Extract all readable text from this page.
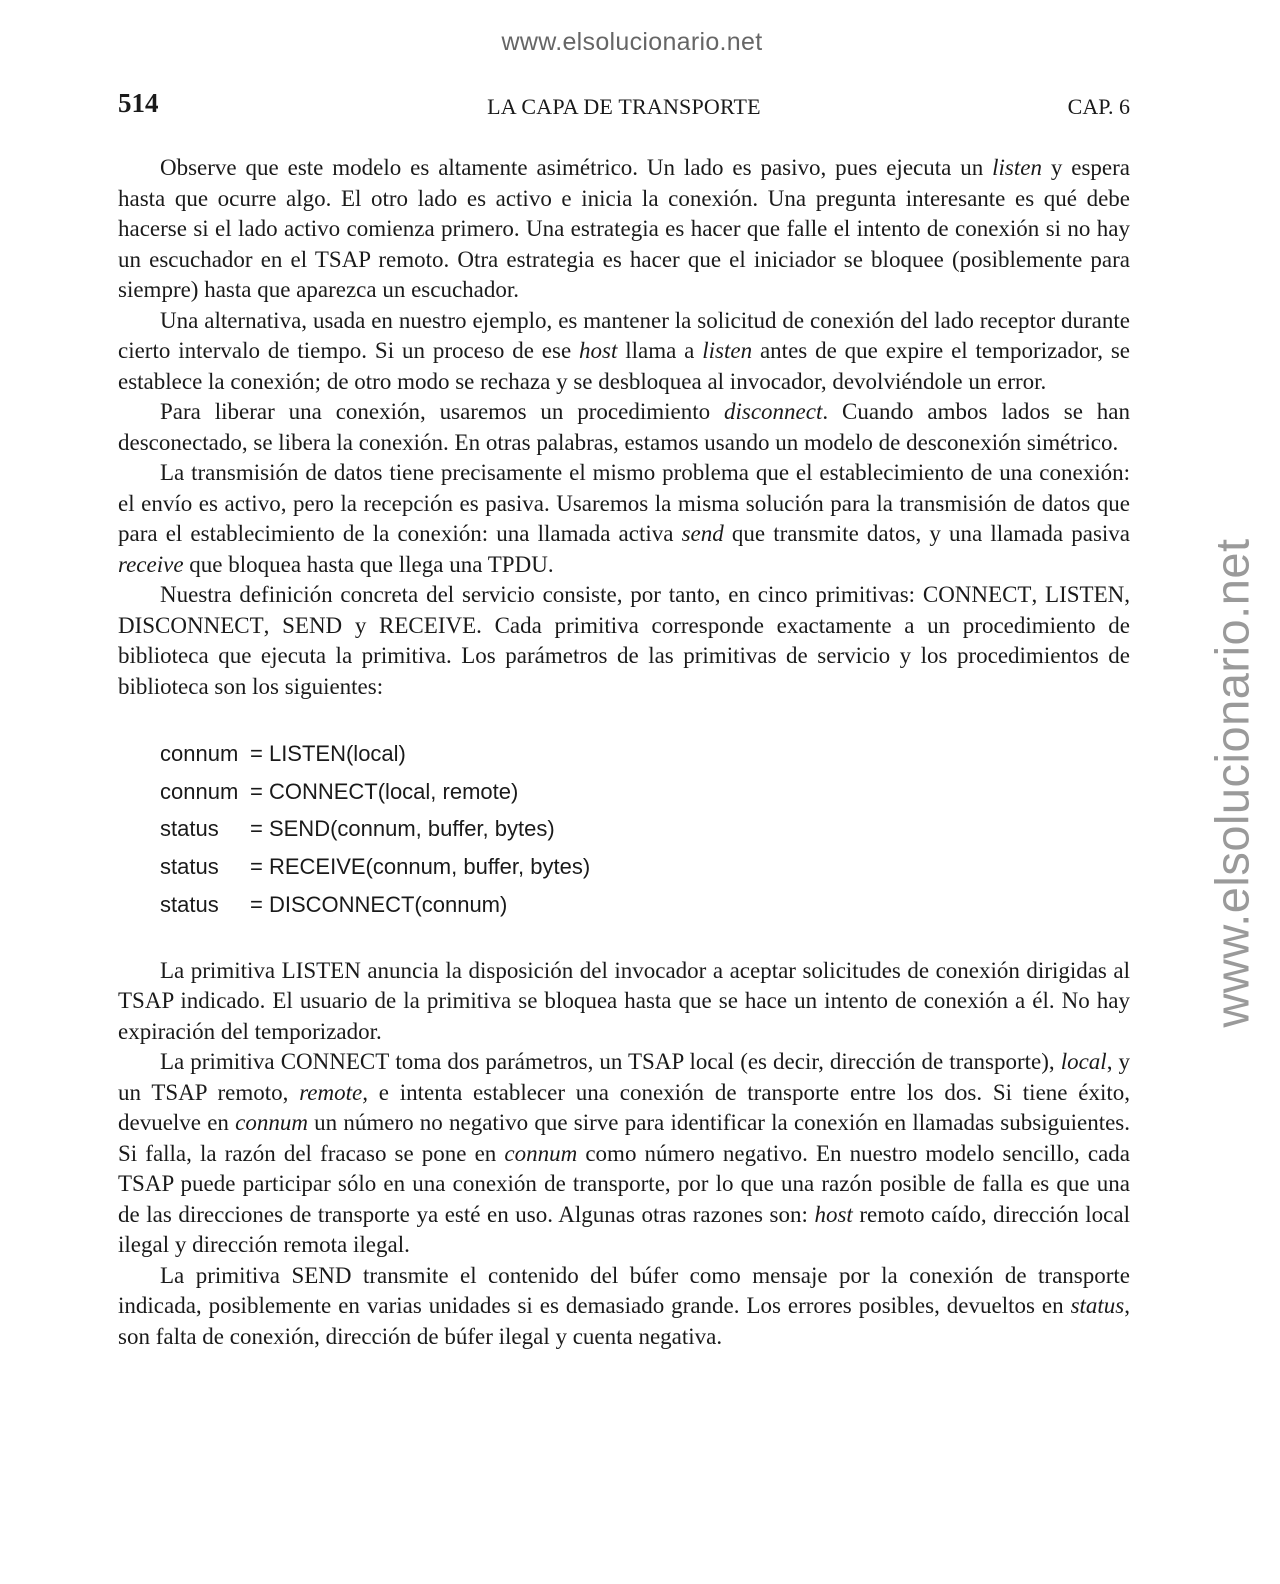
www.elsolucionario.net
www.elsolucionario.net
514	LA CAPA DE TRANSPORTE	CAP. 6

Observe que este modelo es altamente asimétrico. Un lado es pasivo, pues ejecuta un listen y espera hasta que ocurre algo. El otro lado es activo e inicia la conexión. Una pregunta interesante es qué debe hacerse si el lado activo comienza primero. Una estrategia es hacer que falle el intento de conexión si no hay un escuchador en el TSAP remoto. Otra estrategia es hacer que el iniciador se bloquee (posiblemente para siempre) hasta que aparezca un escuchador.

Una alternativa, usada en nuestro ejemplo, es mantener la solicitud de conexión del lado receptor durante cierto intervalo de tiempo. Si un proceso de ese host llama a listen antes de que expire el temporizador, se establece la conexión; de otro modo se rechaza y se desbloquea al invocador, devolviéndole un error.

Para liberar una conexión, usaremos un procedimiento disconnect. Cuando ambos lados se han desconectado, se libera la conexión. En otras palabras, estamos usando un modelo de desconexión simétrico.

La transmisión de datos tiene precisamente el mismo problema que el establecimiento de una conexión: el envío es activo, pero la recepción es pasiva. Usaremos la misma solución para la transmisión de datos que para el establecimiento de la conexión: una llamada activa send que transmite datos, y una llamada pasiva receive que bloquea hasta que llega una TPDU.

Nuestra definición concreta del servicio consiste, por tanto, en cinco primitivas: CONNECT, LISTEN, DISCONNECT, SEND y RECEIVE. Cada primitiva corresponde exactamente a un procedimiento de biblioteca que ejecuta la primitiva. Los parámetros de las primitivas de servicio y los procedimientos de biblioteca son los siguientes:

connum = LISTEN(local)
connum = CONNECT(local, remote)
status = SEND(connum, buffer, bytes)
status = RECEIVE(connum, buffer, bytes)
status = DISCONNECT(connum)

La primitiva LISTEN anuncia la disposición del invocador a aceptar solicitudes de conexión dirigidas al TSAP indicado. El usuario de la primitiva se bloquea hasta que se hace un intento de conexión a él. No hay expiración del temporizador.

La primitiva CONNECT toma dos parámetros, un TSAP local (es decir, dirección de transporte), local, y un TSAP remoto, remote, e intenta establecer una conexión de transporte entre los dos. Si tiene éxito, devuelve en connum un número no negativo que sirve para identificar la conexión en llamadas subsiguientes. Si falla, la razón del fracaso se pone en connum como número negativo. En nuestro modelo sencillo, cada TSAP puede participar sólo en una conexión de transporte, por lo que una razón posible de falla es que una de las direcciones de transporte ya esté en uso. Algunas otras razones son: host remoto caído, dirección local ilegal y dirección remota ilegal.

La primitiva SEND transmite el contenido del búfer como mensaje por la conexión de transporte indicada, posiblemente en varias unidades si es demasiado grande. Los errores posibles, devueltos en status, son falta de conexión, dirección de búfer ilegal y cuenta negativa.
